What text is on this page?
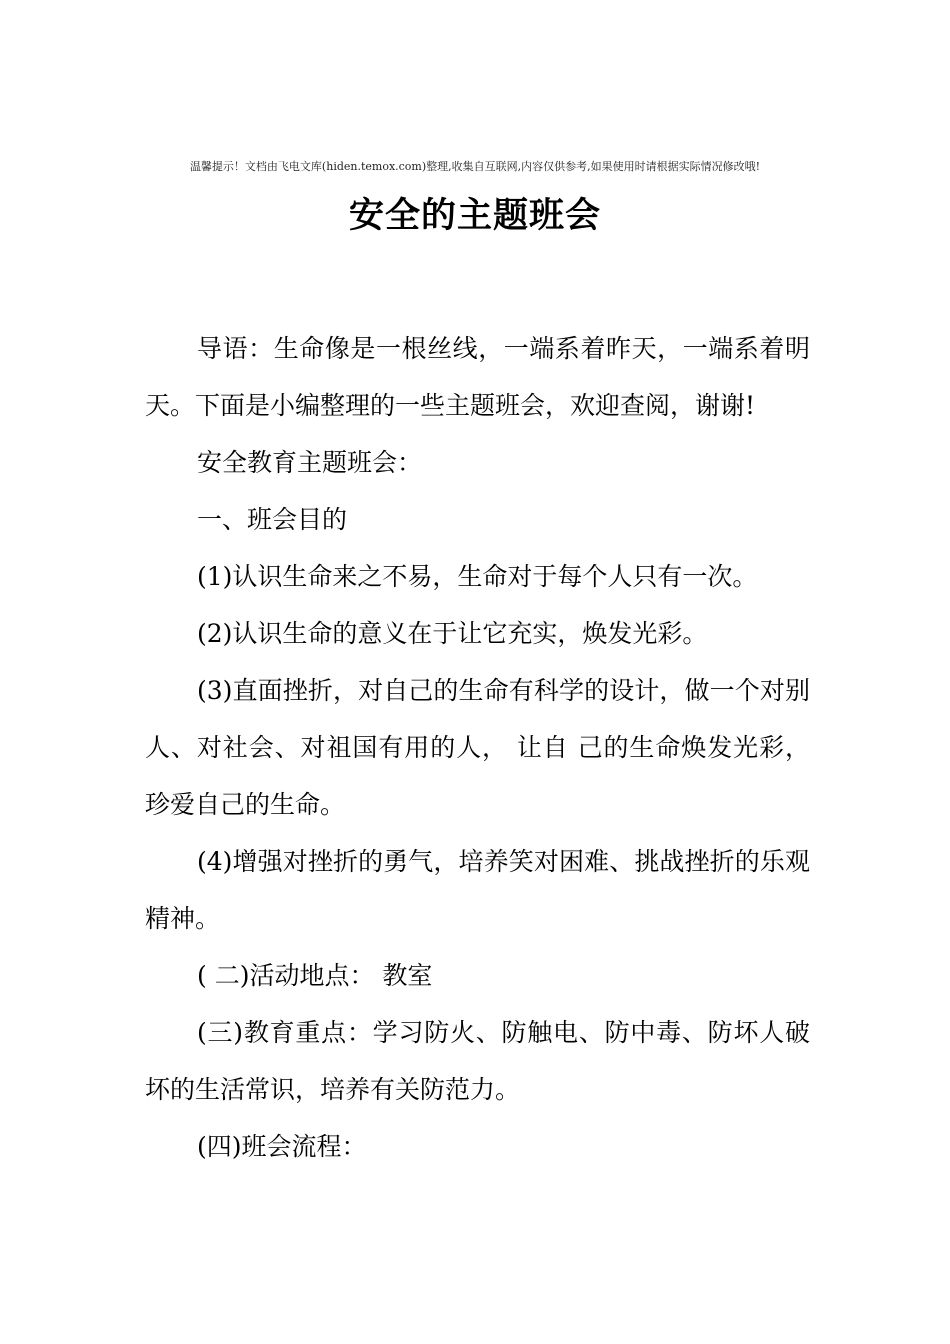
温馨提示！文档由飞电文库(hiden.temox.com)整理,收集自互联网,内容仅供参考,如果使用时请根据实际情况修改哦!
安全的主题班会

导语：生命像是一根丝线，一端系着昨天，一端系着明天。下面是小编整理的一些主题班会，欢迎查阅，谢谢!

安全教育主题班会：

一、班会目的

(1)认识生命来之不易，生命对于每个人只有一次。

(2)认识生命的意义在于让它充实，焕发光彩。

(3)直面挫折，对自己的生命有科学的设计，做一个对别人、对社会、对祖国有用的人， 让自 己的生命焕发光彩，珍爱自己的生命。

(4)增强对挫折的勇气，培养笑对困难、挑战挫折的乐观精神。

( 二)活动地点： 教室

(三)教育重点：学习防火、防触电、防中毒、防坏人破坏的生活常识，培养有关防范力。

(四)班会流程：
